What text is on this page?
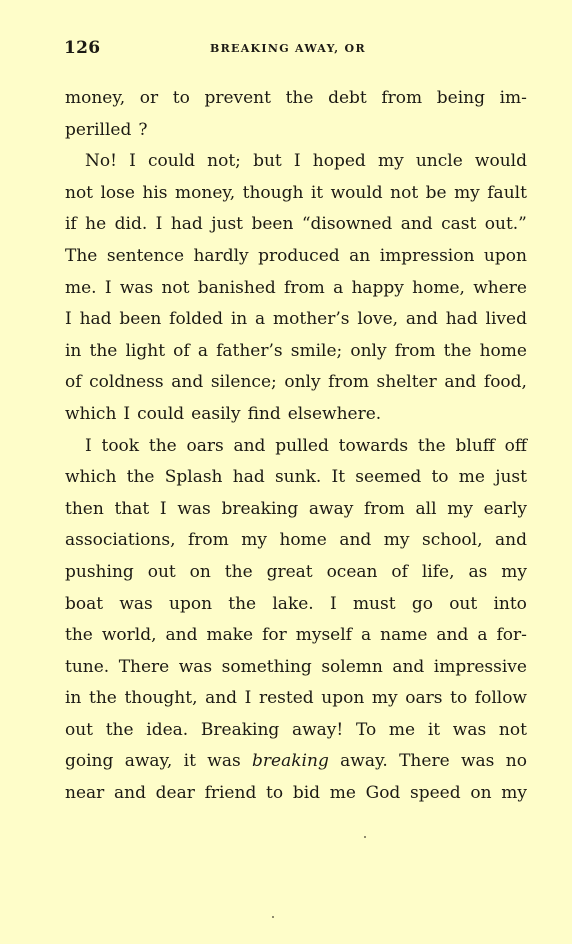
126	BREAKING AWAY, OR
money, or to prevent the debt from being im-
perilled ?
No! I could not; but I hoped my uncle would
not lose his money, though it would not be my fault
if he did. I had just been “disowned and cast out.”
The sentence hardly produced an impression upon
me. I was not banished from a happy home, where
I had been folded in a mother’s love, and had lived
in the light of a father’s smile; only from the home
of coldness and silence; only from shelter and food,
which I could easily find elsewhere.
I took the oars and pulled towards the bluff off
which the Splash had sunk. It seemed to me just
then that I was breaking away from all my early
associations, from my home and my school, and
pushing out on the great ocean of life, as my
boat was upon the lake. I must go out into
the world, and make for myself a name and a for-
tune. There was something solemn and impressive
in the thought, and I rested upon my oars to follow
out the idea. Breaking away! To me it was not
going away, it was breaking away. There was no
near and dear friend to bid me God speed on my
